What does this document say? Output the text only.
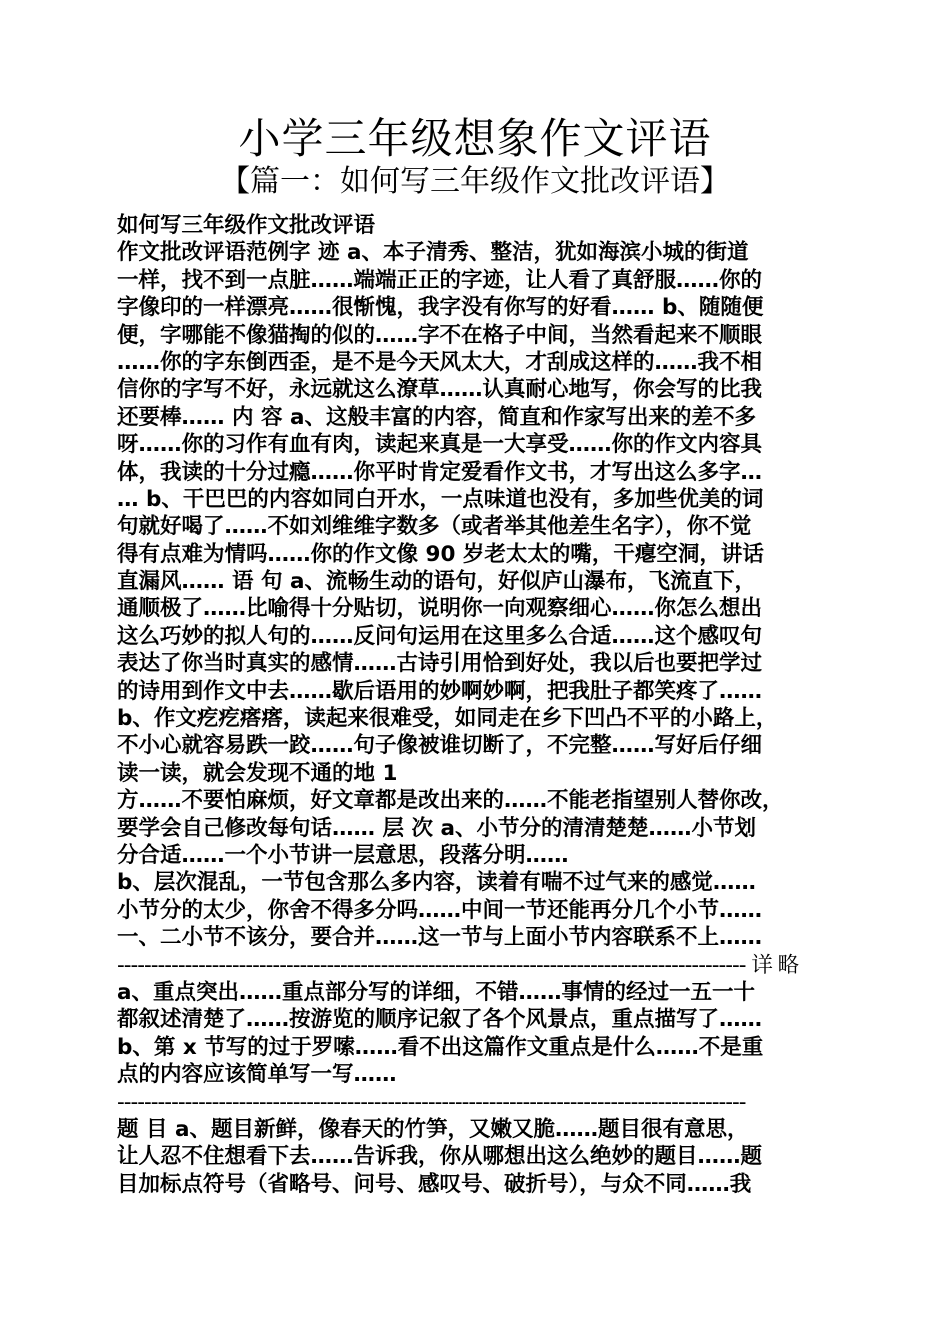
小学三年级想象作文评语
【篇一：如何写三年级作文批改评语】
如何写三年级作文批改评语
作文批改评语范例字 迹 a、本子清秀、整洁，犹如海滨小城的街道
一样，找不到一点脏……端端正正的字迹，让人看了真舒服……你的
字像印的一样漂亮……很惭愧，我字没有你写的好看…… b、随随便
便，字哪能不像猫掏的似的……字不在格子中间，当然看起来不顺眼
……你的字东倒西歪，是不是今天风太大，才刮成这样的……我不相
信你的字写不好，永远就这么潦草……认真耐心地写，你会写的比我
还要棒…… 内 容 a、这般丰富的内容，简直和作家写出来的差不多
呀……你的习作有血有肉，读起来真是一大享受……你的作文内容具
体，我读的十分过瘾……你平时肯定爱看作文书，才写出这么多字…
… b、干巴巴的内容如同白开水，一点味道也没有，多加些优美的词
句就好喝了……不如刘维维字数多（或者举其他差生名字），你不觉
得有点难为情吗……你的作文像 90 岁老太太的嘴，干瘪空洞，讲话
直漏风…… 语 句 a、流畅生动的语句，好似庐山瀑布，飞流直下，
通顺极了……比喻得十分贴切，说明你一向观察细心……你怎么想出
这么巧妙的拟人句的……反问句运用在这里多么合适……这个感叹句
表达了你当时真实的感情……古诗引用恰到好处，我以后也要把学过
的诗用到作文中去……歇后语用的妙啊妙啊，把我肚子都笑疼了……
b、作文疙疙瘩瘩，读起来很难受，如同走在乡下凹凸不平的小路上，
不小心就容易跌一跤……句子像被谁切断了，不完整……写好后仔细
读一读，就会发现不通的地 1
方……不要怕麻烦，好文章都是改出来的……不能老指望别人替你改，
要学会自己修改每句话…… 层 次 a、小节分的清清楚楚……小节划
分合适……一个小节讲一层意思，段落分明……
b、层次混乱，一节包含那么多内容，读着有喘不过气来的感觉……
小节分的太少，你舍不得多分吗……中间一节还能再分几个小节……
一、二小节不该分，要合并……这一节与上面小节内容联系不上……
--------------------------------------------------------------------------------------------- 详 略
a、重点突出……重点部分写的详细，不错……事情的经过一五一十
都叙述清楚了……按游览的顺序记叙了各个风景点，重点描写了……
b、第 x 节写的过于罗嗦……看不出这篇作文重点是什么……不是重
点的内容应该简单写一写……
---------------------------------------------------------------------------------------------
题 目 a、题目新鲜，像春天的竹笋，又嫩又脆……题目很有意思，
让人忍不住想看下去……告诉我，你从哪想出这么绝妙的题目……题
目加标点符号（省略号、问号、感叹号、破折号），与众不同……我
